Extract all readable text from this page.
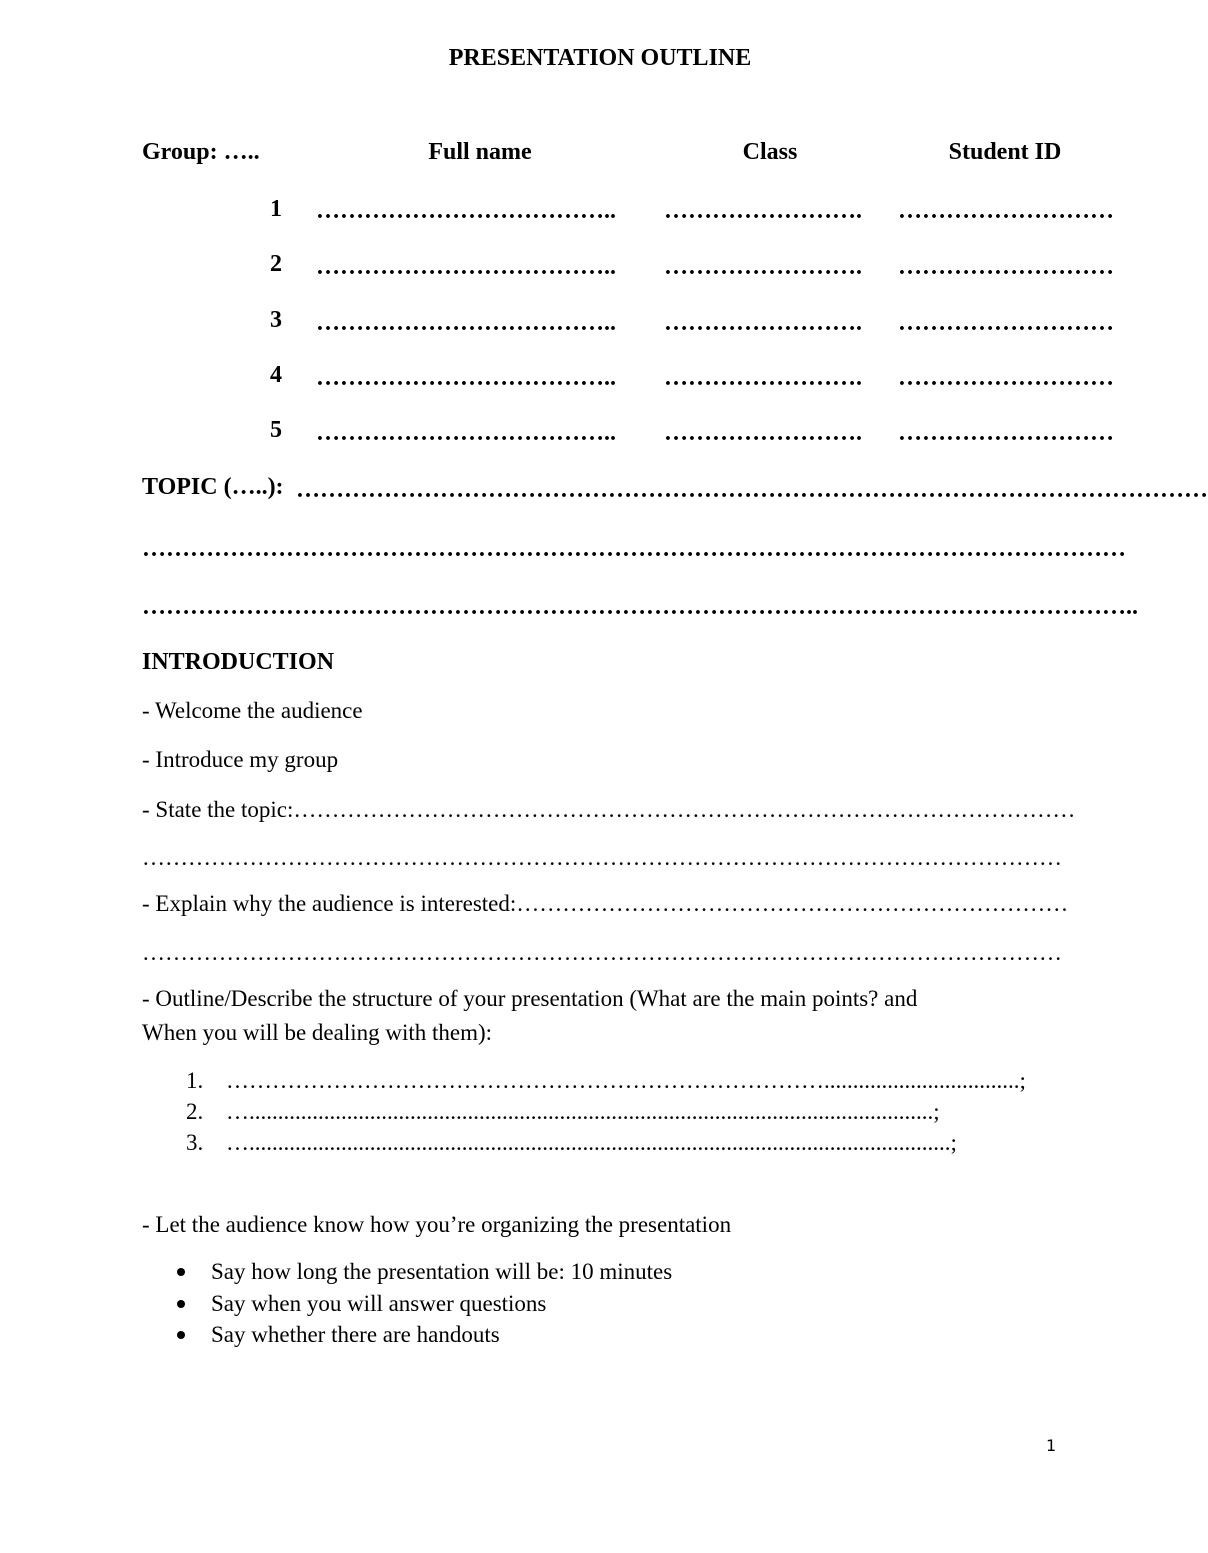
PRESENTATION OUTLINE
Group: …..	Full name	Class	Student ID
1 ………………………………..	……………………. ………………………
2 ………………………………..	……………………. ………………………
3 ………………………………..	……………………. ………………………
4 ………………………………..	……………………. ………………………
5 ………………………………..	……………………. ………………………
TOPIC (…..): ……………………………………………………………………………………………………
……………………………………………………………………………………………………………
……………………………………………………………………………………………………………..
INTRODUCTION
- Welcome the audience
- Introduce my group
- State the topic:…………………………………………………………………………………………
…………………………………………………………………………………………………………
- Explain why the audience is interested:………………………………………………………………
…………………………………………………………………………………………………………
- Outline/Describe the structure of your presentation (What are the main points? and
When you will be dealing with them):
1. ……………………………………………………………………..................................;
2. ….......................................................................................................................;
3. …..........................................................................................................................;
- Let the audience know how you’re organizing the presentation
Say how long the presentation will be: 10 minutes
Say when you will answer questions
Say whether there are handouts
1
